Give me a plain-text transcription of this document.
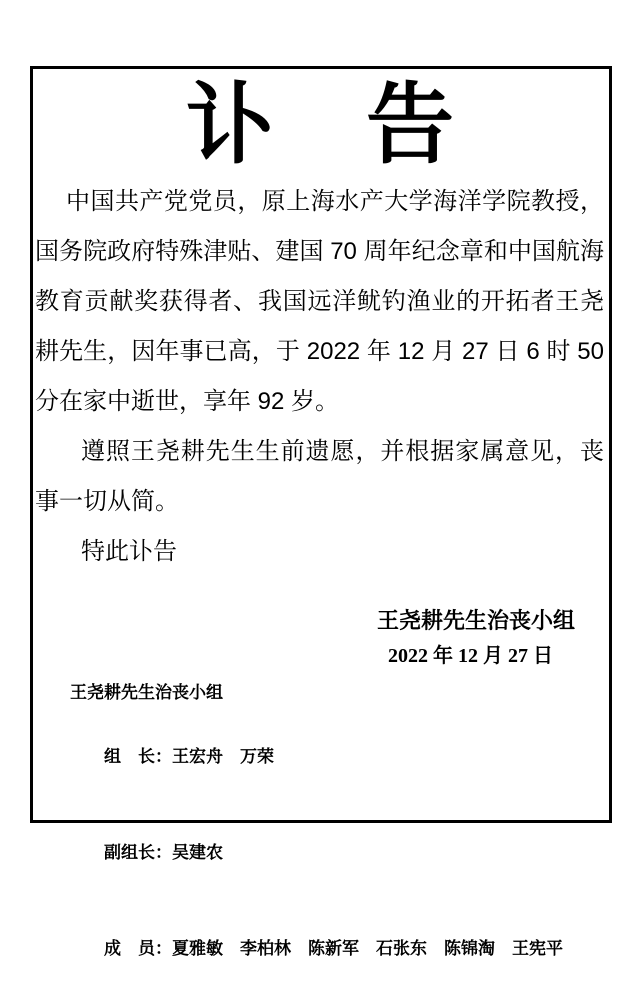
讣　告

中国共产党党员，原上海水产大学海洋学院教授，国务院政府特殊津贴、建国 70 周年纪念章和中国航海教育贡献奖获得者、我国远洋鱿钓渔业的开拓者王尧耕先生，因年事已高，于 2022 年 12 月 27 日 6 时 50 分在家中逝世，享年 92 岁。

遵照王尧耕先生生前遗愿，并根据家属意见，丧事一切从简。

特此讣告

王尧耕先生治丧小组
2022 年 12 月 27 日
王尧耕先生治丧小组

组　长：王宏舟　万荣

副组长：吴建农

成　员：夏雅敏　李柏林　陈新军　石张东　陈锦淘　王宪平
